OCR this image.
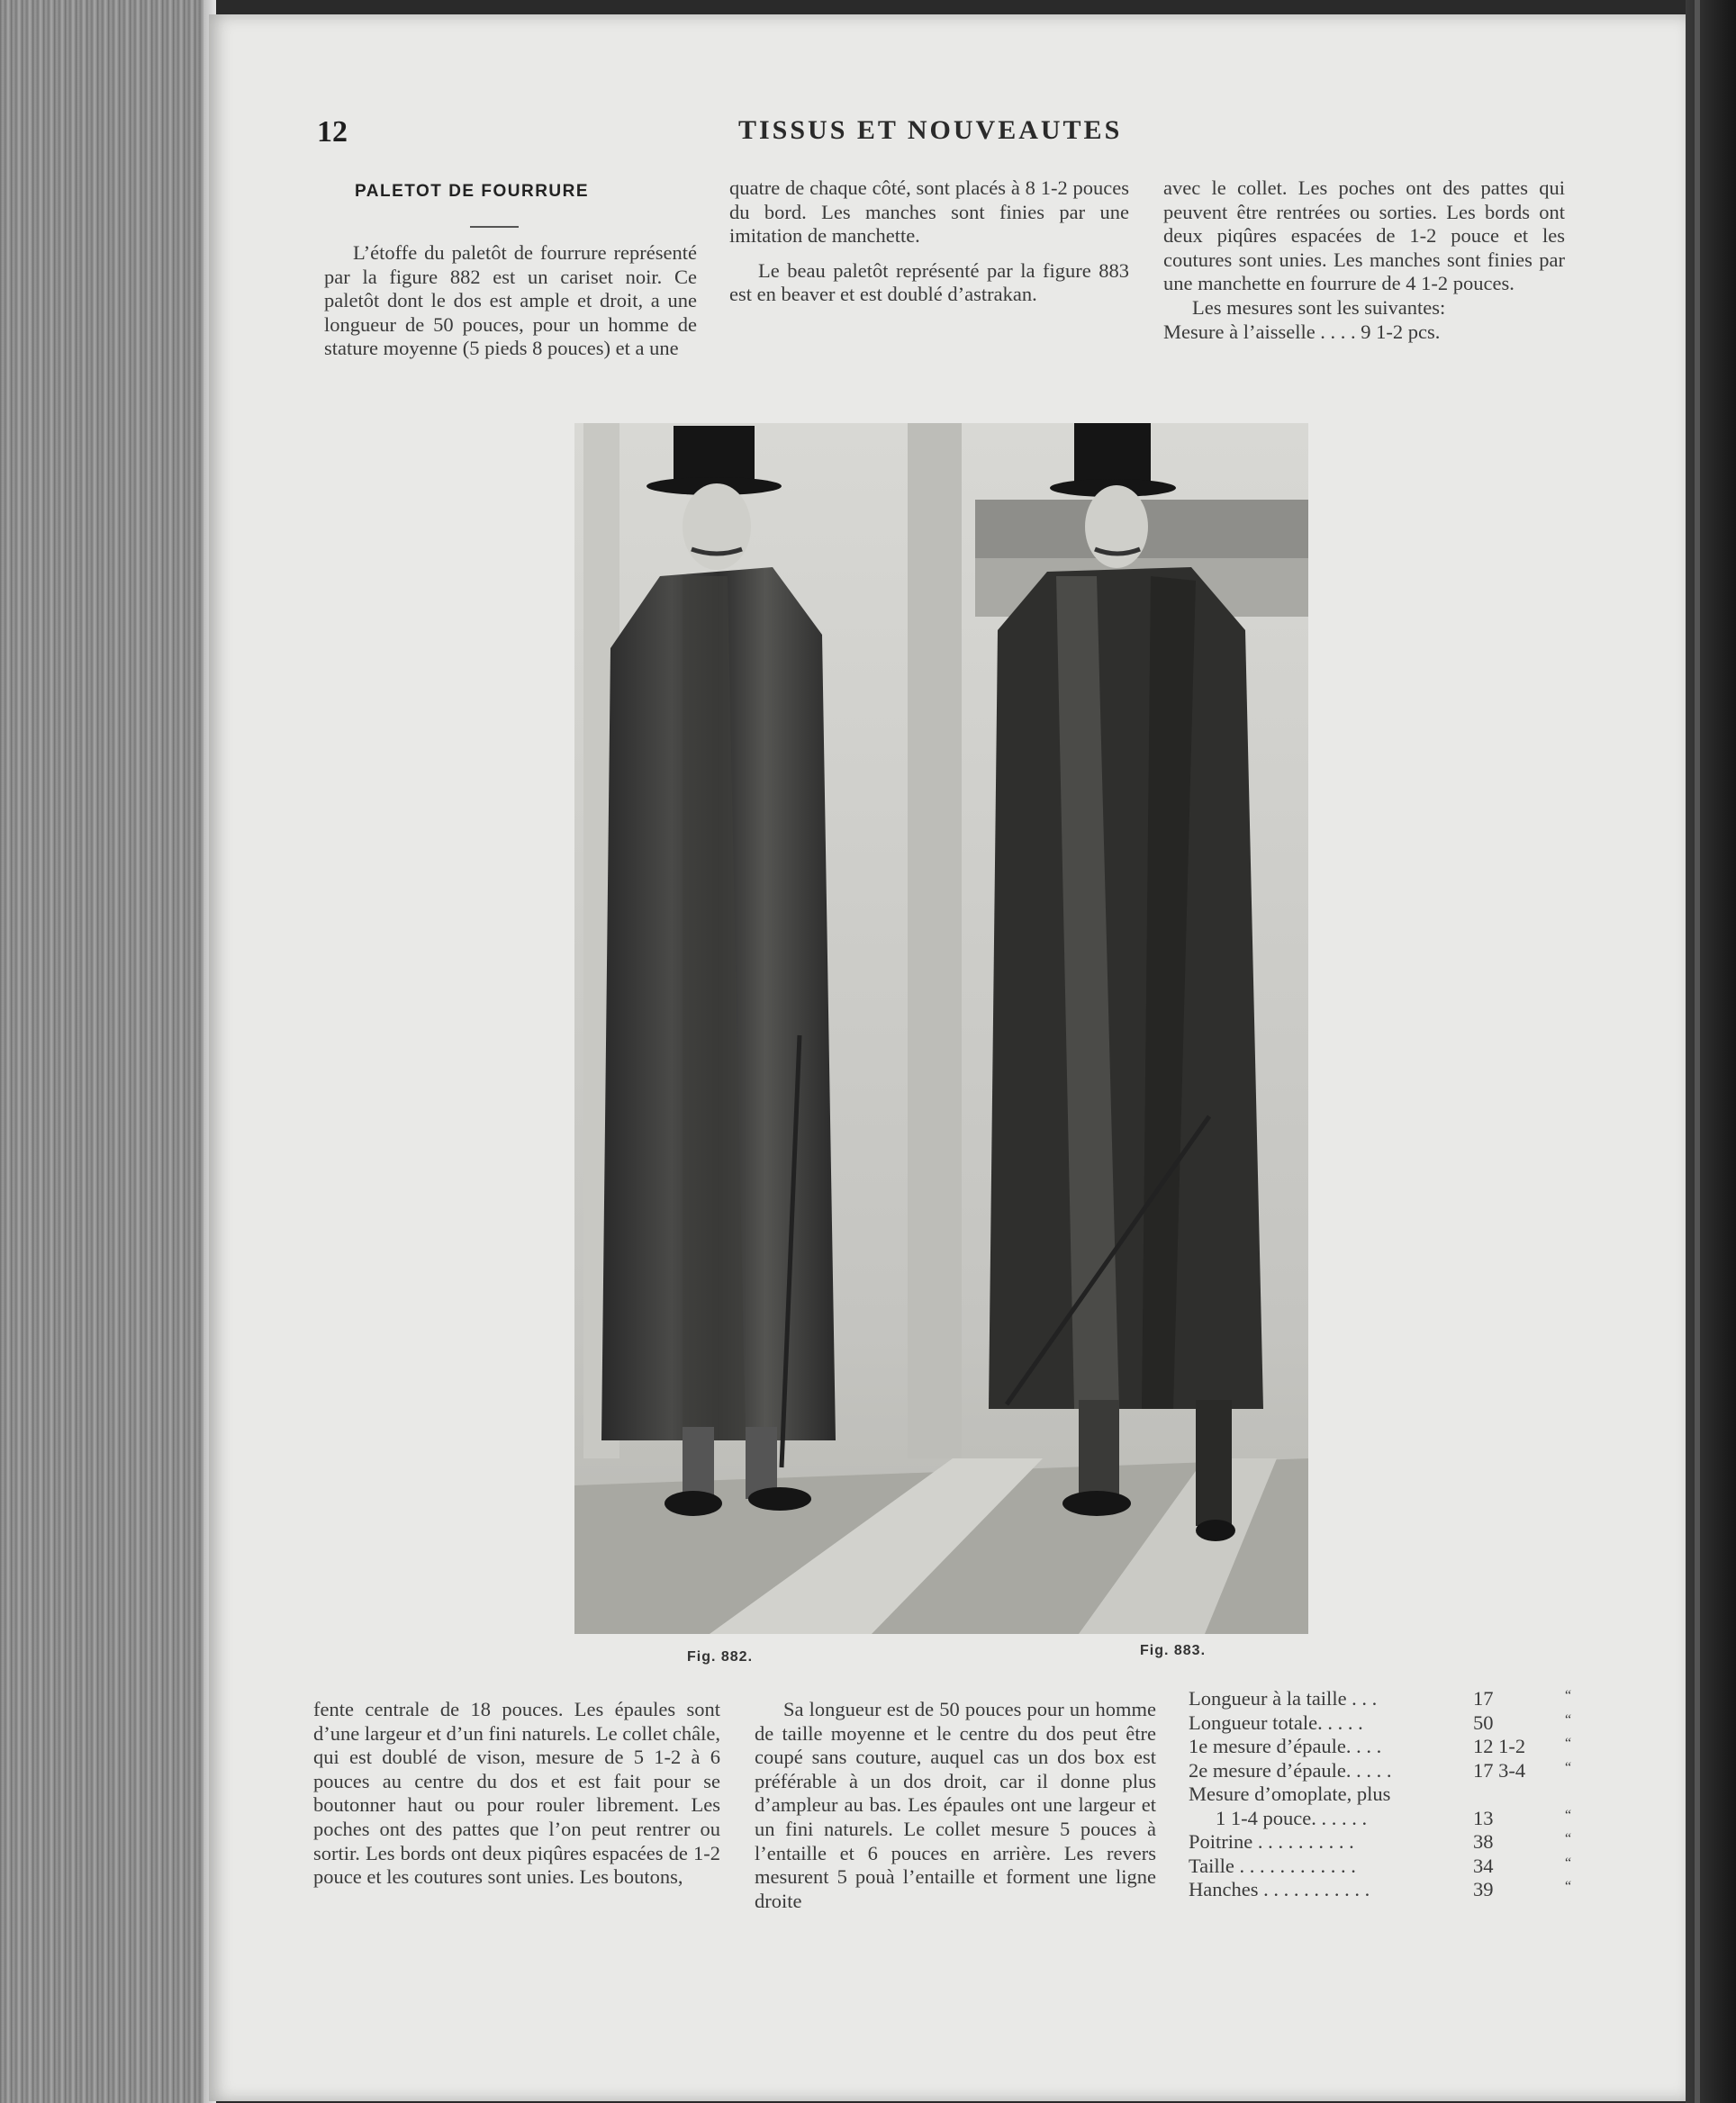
12	TISSUS ET NOUVEAUTES
PALETOT DE FOURRURE

L’étoffe du paletôt de fourrure représenté par la figure 882 est un cariset noir. Ce paletôt dont le dos est ample et droit, a une longueur de 50 pouces, pour un homme de stature moyenne (5 pieds 8 pouces) et a une

quatre de chaque côté, sont placés à 8 1-2 pouces du bord. Les manches sont finies par une imitation de manchette.

Le beau paletôt représenté par la figure 883 est en beaver et est doublé d’astrakan.

avec le collet. Les poches ont des pattes qui peuvent être rentrées ou sorties. Les bords ont deux piqûres espacées de 1-2 pouce et les coutures sont unies. Les manches sont finies par une manchette en fourrure de 4 1-2 pouces.

Les mesures sont les suivantes:

Mesure à l’aisselle . . . . 9 1-2 pcs.

Fig. 882.	Fig. 883.

fente centrale de 18 pouces. Les épaules sont d’une largeur et d’un fini naturels. Le collet châle, qui est doublé de vison, mesure de 5 1-2 à 6 pouces au centre du dos et est fait pour se boutonner haut ou pour rouler librement. Les poches ont des pattes que l’on peut rentrer ou sortir. Les bords ont deux piqûres espacées de 1-2 pouce et les coutures sont unies. Les boutons,

Sa longueur est de 50 pouces pour un homme de taille moyenne et le centre du dos peut être coupé sans couture, auquel cas un dos box est préférable à un dos droit, car il donne plus d’ampleur au bas. Les épaules ont une largeur et un fini naturels. Le collet mesure 5 pouces à l’entaille et 6 pouces en arrière. Les revers mesurent 5 pouà l’entaille et forment une ligne droite

Longueur à la taille . . .	17	“
Longueur totale. . . . .	50	“
1e mesure d’épaule. . . .	12 1-2	“
2e mesure d’épaule. . . . .	17 3-4	“
Mesure d’omoplate, plus
1 1-4 pouce. . . . . .	13	“
Poitrine . . . . . . . . . .	38	“
Taille . . . . . . . . . . . .	34	“
Hanches . . . . . . . . . . .	39	“
